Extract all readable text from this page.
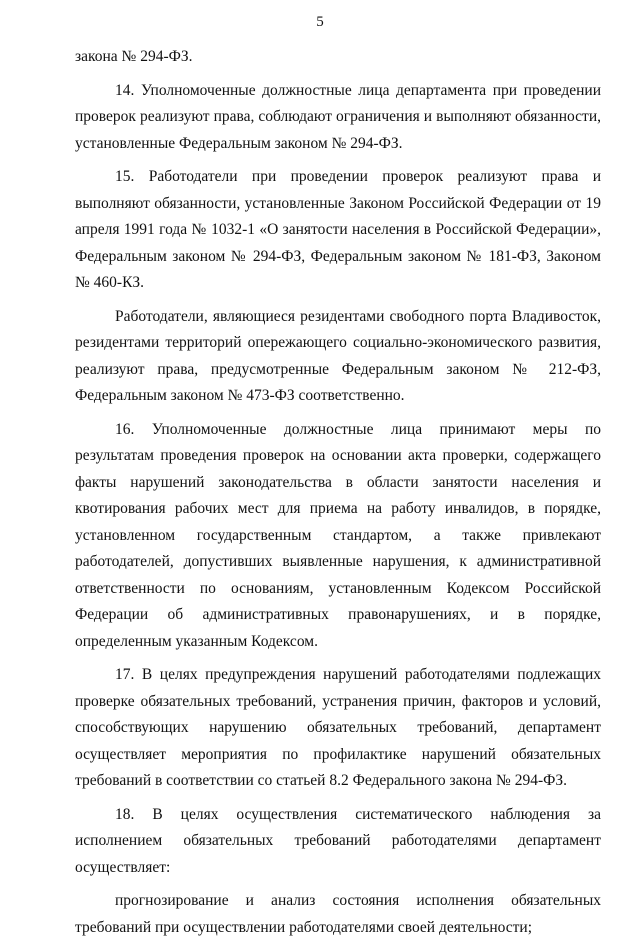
5

закона № 294-ФЗ.

14. Уполномоченные должностные лица департамента при проведении проверок реализуют права, соблюдают ограничения и выполняют обязанности, установленные Федеральным законом № 294-ФЗ.

15. Работодатели при проведении проверок реализуют права и выполняют обязанности, установленные Законом Российской Федерации от 19 апреля 1991 года № 1032-1 «О занятости населения в Российской Федерации», Федеральным законом № 294-ФЗ, Федеральным законом № 181-ФЗ, Законом № 460-КЗ.

Работодатели, являющиеся резидентами свободного порта Владивосток, резидентами территорий опережающего социально-экономического развития, реализуют права, предусмотренные Федеральным законом № 212-ФЗ, Федеральным законом № 473-ФЗ соответственно.

16. Уполномоченные должностные лица принимают меры по результатам проведения проверок на основании акта проверки, содержащего факты нарушений законодательства в области занятости населения и квотирования рабочих мест для приема на работу инвалидов, в порядке, установленном государственным стандартом, а также привлекают работодателей, допустивших выявленные нарушения, к административной ответственности по основаниям, установленным Кодексом Российской Федерации об административных правонарушениях, и в порядке, определенным указанным Кодексом.

17. В целях предупреждения нарушений работодателями подлежащих проверке обязательных требований, устранения причин, факторов и условий, способствующих нарушению обязательных требований, департамент осуществляет мероприятия по профилактике нарушений обязательных требований в соответствии со статьей 8.2 Федерального закона № 294-ФЗ.

18. В целях осуществления систематического наблюдения за исполнением обязательных требований работодателями департамент осуществляет:

прогнозирование и анализ состояния исполнения обязательных требований при осуществлении работодателями своей деятельности;
